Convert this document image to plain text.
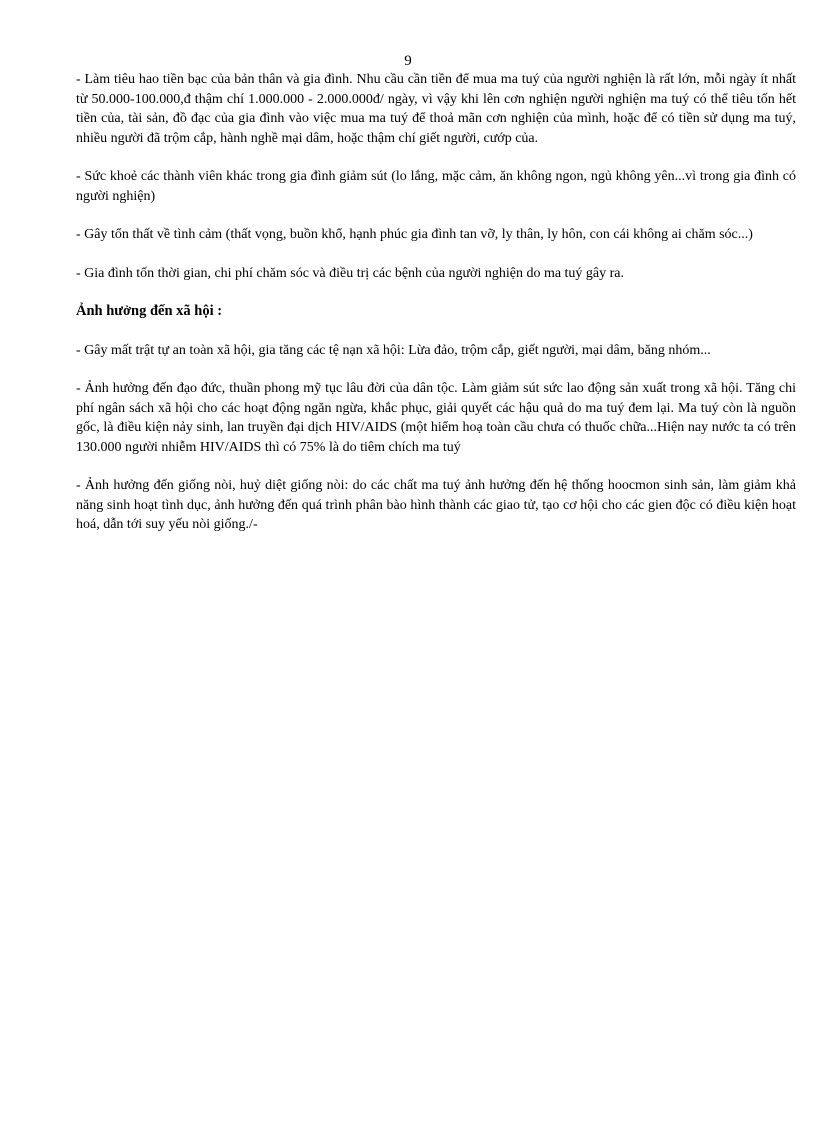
9

- Làm tiêu hao tiền bạc của bản thân và gia đình. Nhu cầu cần tiền để mua ma tuý của người nghiện là rất lớn, mỗi ngày ít nhất từ 50.000-100.000,đ thậm chí 1.000.000 - 2.000.000đ/ ngày, vì vậy khi lên cơn nghiện người nghiện ma tuý có thể tiêu tốn hết tiền của, tài sản, đồ đạc của gia đình vào việc mua ma tuý để thoả mãn cơn nghiện của mình, hoặc để có tiền sử dụng ma tuý, nhiều người đã trộm cắp, hành nghề mại dâm, hoặc thậm chí giết người, cướp của.

- Sức khoẻ các thành viên khác trong gia đình giảm sút (lo lắng, mặc cảm, ăn không ngon, ngủ không yên...vì trong gia đình có người nghiện)

- Gây tổn thất về tình cảm (thất vọng, buồn khổ, hạnh phúc gia đình tan vỡ, ly thân, ly hôn, con cái không ai chăm sóc...)

- Gia đình tốn thời gian, chi phí chăm sóc và điều trị các bệnh của người nghiện do ma tuý gây ra.

Ảnh hưởng đến xã hội :

- Gây mất trật tự an toàn xã hội, gia tăng các tệ nạn xã hội: Lừa đảo, trộm cắp, giết người, mại dâm, băng nhóm...

- Ảnh hưởng đến đạo đức, thuần phong mỹ tục lâu đời của dân tộc. Làm giảm sút sức lao động sản xuất trong xã hội. Tăng chi phí ngân sách xã hội cho các hoạt động ngăn ngừa, khắc phục, giải quyết các hậu quả do ma tuý đem lại. Ma tuý còn là nguồn gốc, là điều kiện nảy sinh, lan truyền đại dịch HIV/AIDS (một hiểm hoạ toàn cầu chưa có thuốc chữa...Hiện nay nước ta có trên 130.000 người nhiễm HIV/AIDS thì có 75% là do tiêm chích ma tuý

- Ảnh hưởng đến giống nòi, huỷ diệt giống nòi: do các chất ma tuý ảnh hưởng đến hệ thống hoocmon sinh sản, làm giảm khả năng sinh hoạt tình dục, ảnh hưởng đến quá trình phân bào hình thành các giao tử, tạo cơ hội cho các gien độc có điều kiện hoạt hoá, dẫn tới suy yếu nòi giống./-
